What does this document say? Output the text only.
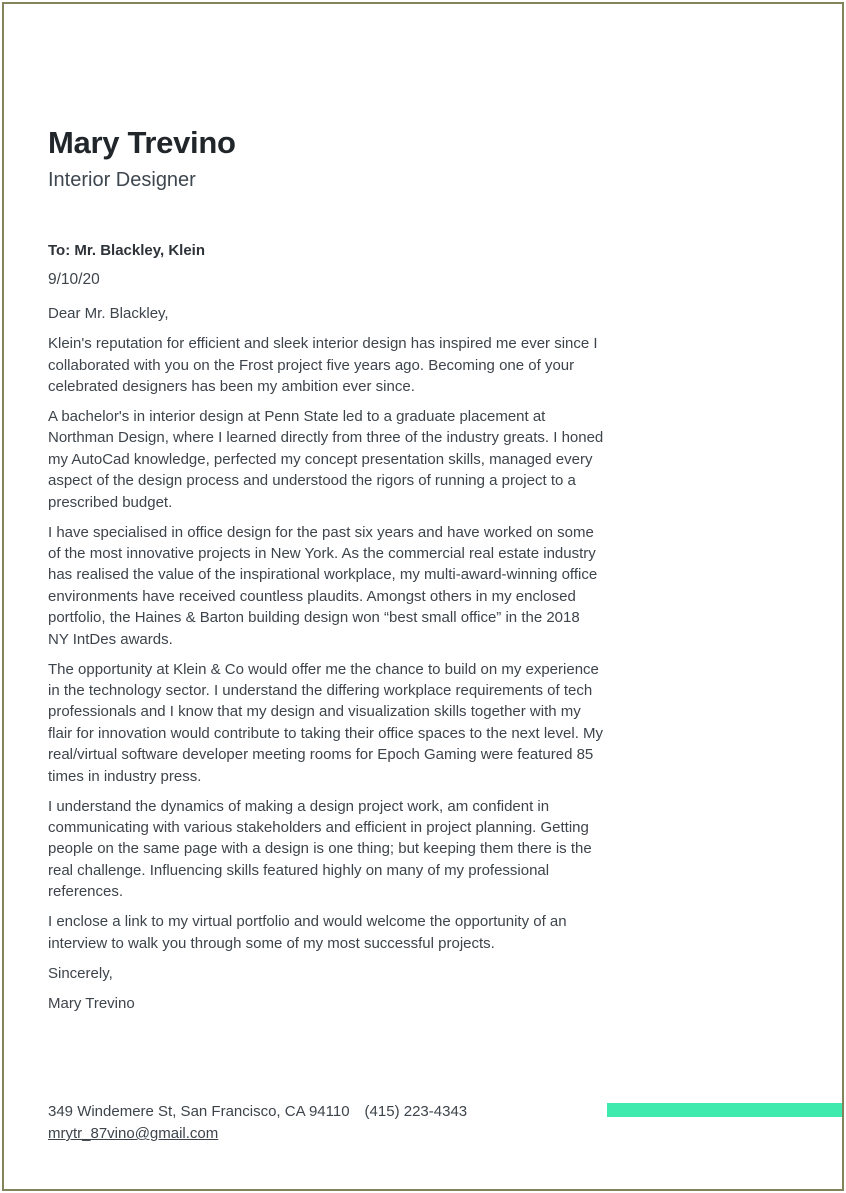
Mary Trevino
Interior Designer
To: Mr. Blackley, Klein
9/10/20

Dear Mr. Blackley,

Klein's reputation for efficient and sleek interior design has inspired me ever since I collaborated with you on the Frost project five years ago. Becoming one of your celebrated designers has been my ambition ever since.

A bachelor's in interior design at Penn State led to a graduate placement at Northman Design, where I learned directly from three of the industry greats. I honed my AutoCad knowledge, perfected my concept presentation skills, managed every aspect of the design process and understood the rigors of running a project to a prescribed budget.

I have specialised in office design for the past six years and have worked on some of the most innovative projects in New York. As the commercial real estate industry has realised the value of the inspirational workplace, my multi-award-winning office environments have received countless plaudits. Amongst others in my enclosed portfolio, the Haines & Barton building design won “best small office” in the 2018 NY IntDes awards.

The opportunity at Klein & Co would offer me the chance to build on my experience in the technology sector. I understand the differing workplace requirements of tech professionals and I know that my design and visualization skills together with my flair for innovation would contribute to taking their office spaces to the next level. My real/virtual software developer meeting rooms for Epoch Gaming were featured 85 times in industry press.

I understand the dynamics of making a design project work, am confident in communicating with various stakeholders and efficient in project planning. Getting people on the same page with a design is one thing; but keeping them there is the real challenge. Influencing skills featured highly on many of my professional references.

I enclose a link to my virtual portfolio and would welcome the opportunity of an interview to walk you through some of my most successful projects.

Sincerely,

Mary Trevino

349 Windemere St, San Francisco, CA 94110 (415) 223-4343
mrytr_87vino@gmail.com
